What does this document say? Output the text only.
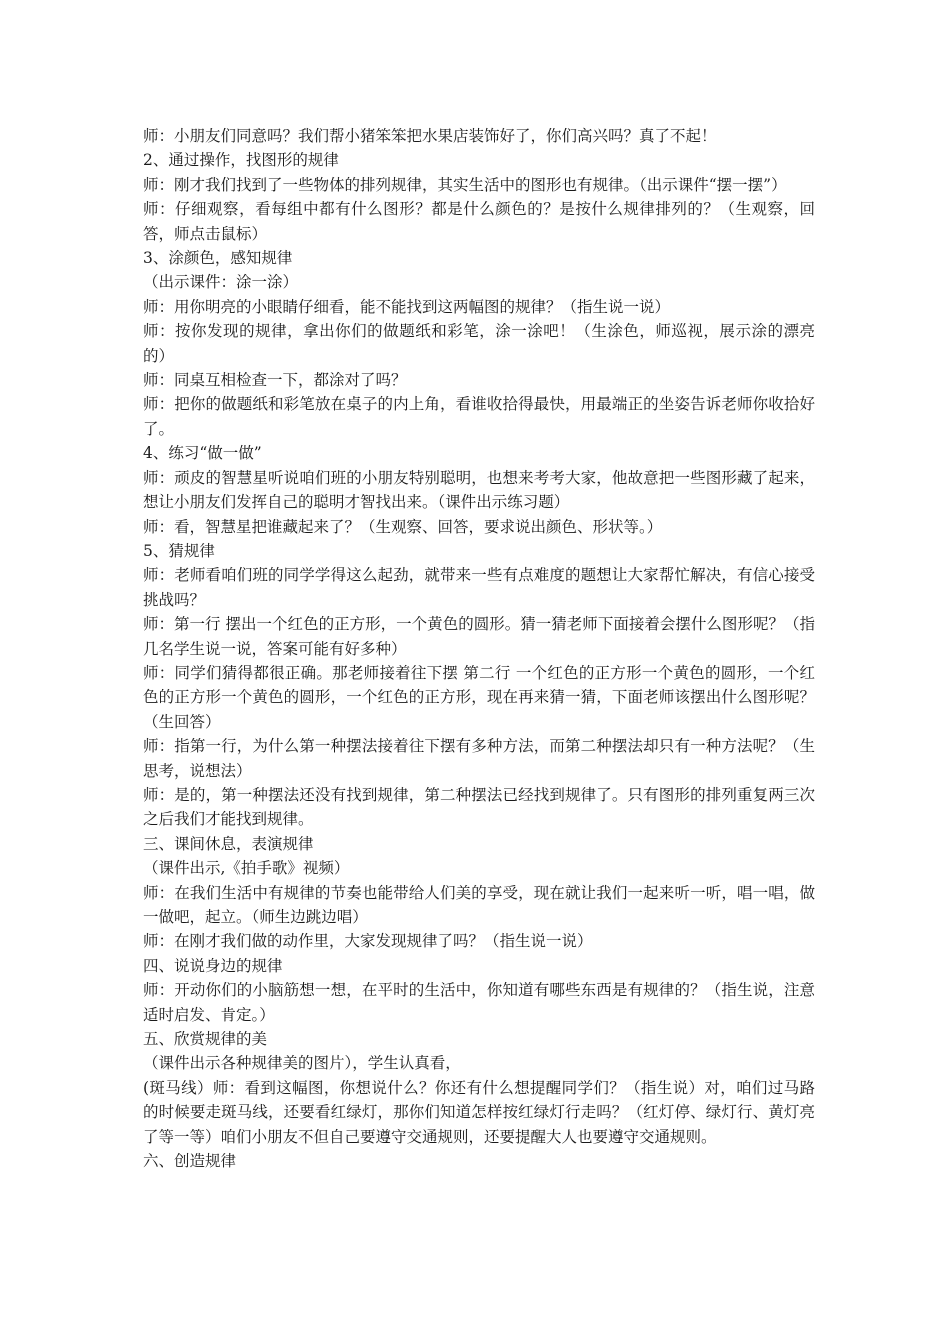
师：小朋友们同意吗？我们帮小猪笨笨把水果店装饰好了，你们高兴吗？真了不起！

2、通过操作，找图形的规律

师：刚才我们找到了一些物体的排列规律，其实生活中的图形也有规律。（出示课件“摆一摆”）

师：仔细观察，看每组中都有什么图形？都是什么颜色的？是按什么规律排列的？（生观察，回答，师点击鼠标）

3、涂颜色，感知规律

（出示课件：涂一涂）

师：用你明亮的小眼睛仔细看，能不能找到这两幅图的规律？（指生说一说）

师：按你发现的规律，拿出你们的做题纸和彩笔，涂一涂吧！（生涂色，师巡视，展示涂的漂亮的）

师：同桌互相检查一下，都涂对了吗？

师：把你的做题纸和彩笔放在桌子的内上角，看谁收拾得最快，用最端正的坐姿告诉老师你收拾好了。

4、练习“做一做”

师：顽皮的智慧星听说咱们班的小朋友特别聪明，也想来考考大家，他故意把一些图形藏了起来，想让小朋友们发挥自己的聪明才智找出来。（课件出示练习题）

师：看，智慧星把谁藏起来了？（生观察、回答，要求说出颜色、形状等。）

5、猜规律

师：老师看咱们班的同学学得这么起劲，就带来一些有点难度的题想让大家帮忙解决，有信心接受挑战吗？

师：第一行 摆出一个红色的正方形，一个黄色的圆形。猜一猜老师下面接着会摆什么图形呢？（指几名学生说一说，答案可能有好多种）

师：同学们猜得都很正确。那老师接着往下摆 第二行 一个红色的正方形一个黄色的圆形，一个红色的正方形一个黄色的圆形，一个红色的正方形，现在再来猜一猜，下面老师该摆出什么图形呢？（生回答）

师：指第一行，为什么第一种摆法接着往下摆有多种方法，而第二种摆法却只有一种方法呢？（生思考，说想法）

师：是的，第一种摆法还没有找到规律，第二种摆法已经找到规律了。只有图形的排列重复两三次之后我们才能找到规律。

三、课间休息，表演规律

（课件出示,《拍手歌》视频）

师：在我们生活中有规律的节奏也能带给人们美的享受，现在就让我们一起来听一听，唱一唱，做一做吧，起立。（师生边跳边唱）

师：在刚才我们做的动作里，大家发现规律了吗？（指生说一说）

四、说说身边的规律

师：开动你们的小脑筋想一想，在平时的生活中，你知道有哪些东西是有规律的？（指生说，注意适时启发、肯定。）

五、欣赏规律的美

（课件出示各种规律美的图片），学生认真看，

(斑马线）师：看到这幅图，你想说什么？你还有什么想提醒同学们？（指生说）对，咱们过马路的时候要走斑马线，还要看红绿灯，那你们知道怎样按红绿灯行走吗？（红灯停、绿灯行、黄灯亮了等一等）咱们小朋友不但自己要遵守交通规则，还要提醒大人也要遵守交通规则。

六、创造规律
